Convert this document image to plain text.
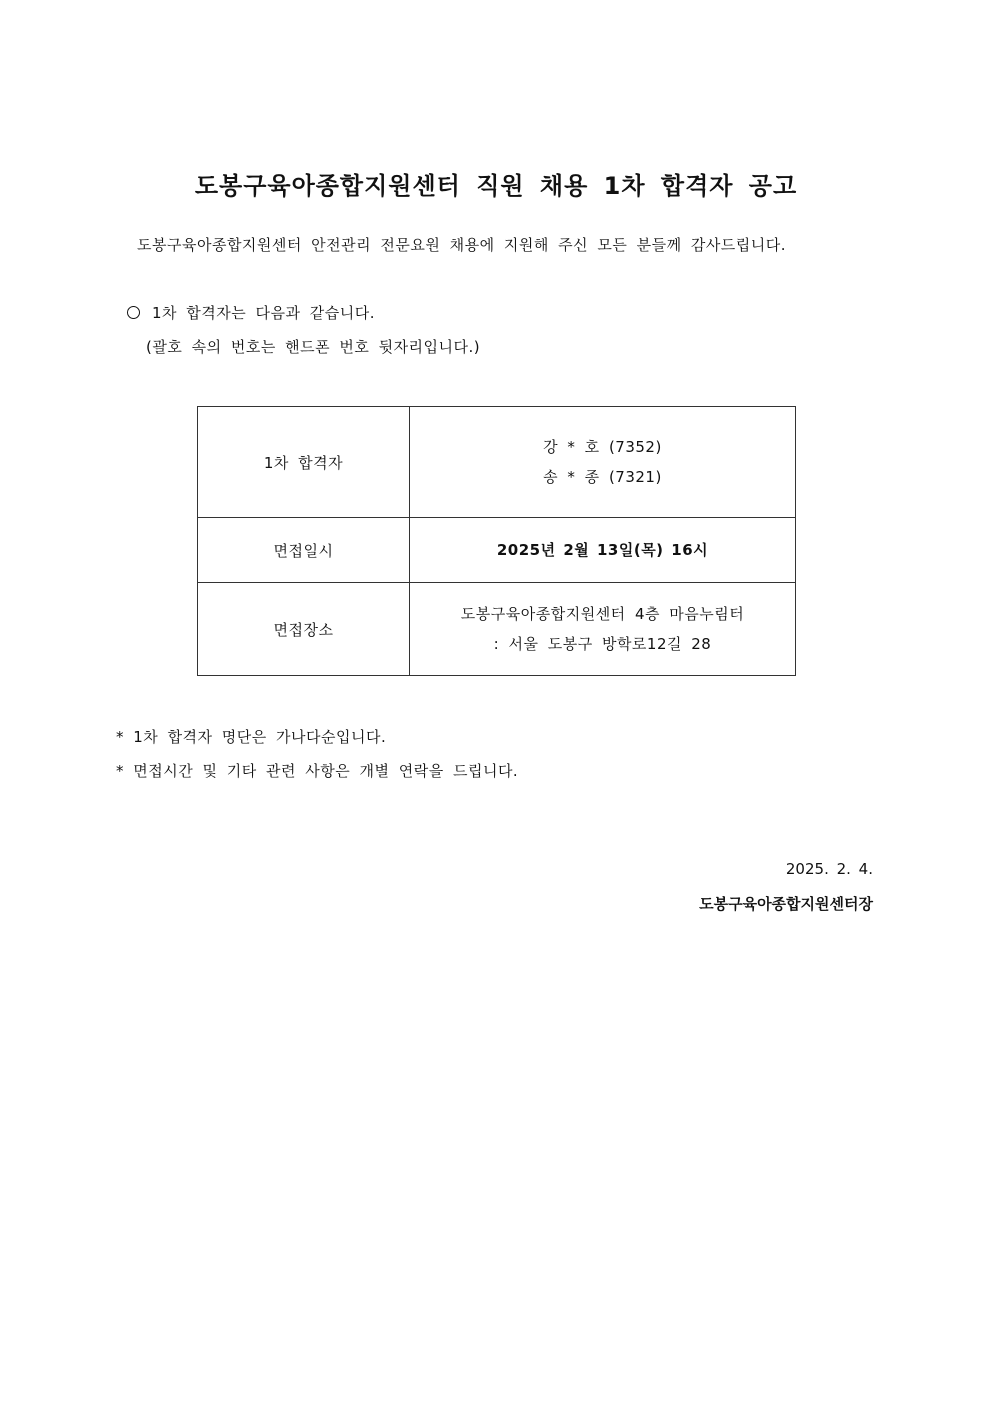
도봉구육아종합지원센터 직원 채용 1차 합격자 공고
도봉구육아종합지원센터 안전관리 전문요원 채용에 지원해 주신 모든 분들께 감사드립니다.
1차 합격자는 다음과 같습니다.
(괄호 속의 번호는 핸드폰 번호 뒷자리입니다.)
1차 합격자	강 * 호 (7352)
송 * 종 (7321)

면접일시	2025년 2월 13일(목) 16시

면접장소	도봉구육아종합지원센터 4층 마음누림터
: 서울 도봉구 방학로12길 28
* 1차 합격자 명단은 가나다순입니다.
* 면접시간 및 기타 관련 사항은 개별 연락을 드립니다.
2025. 2. 4.
도봉구육아종합지원센터장
